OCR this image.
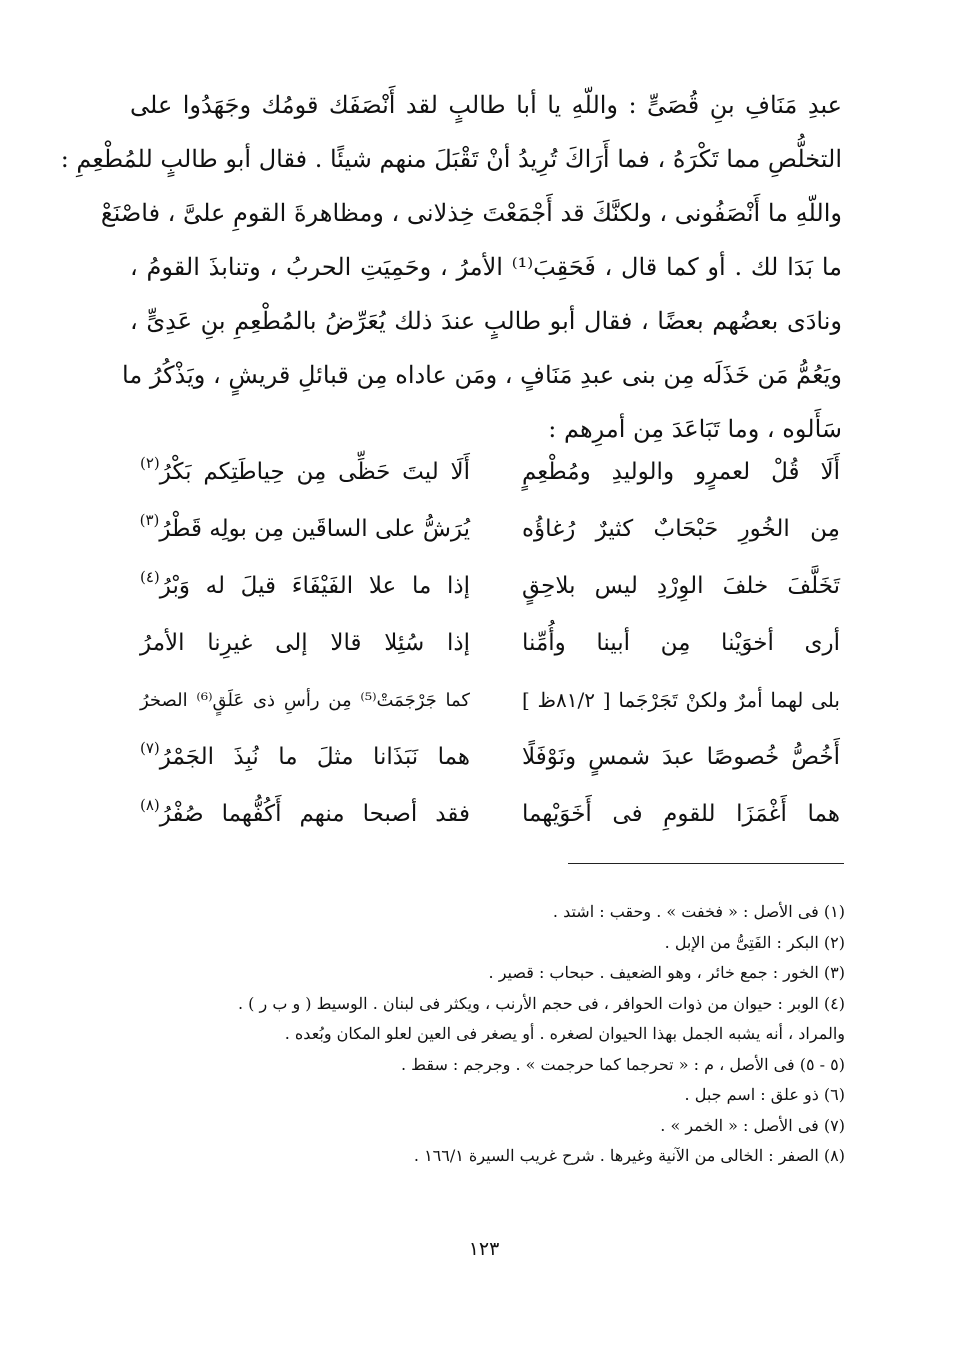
عبدِ مَنَافِ بنِ قُصَىٍّ : واللّهِ يا أبا طالبٍ لقد أَنْصَفَك قومُك وجَهَدُوا على
التخلُّصِ مما تَكْرَهُ ، فما أَرَاكَ تُرِيدُ أنْ تَقْبَلَ منهم شيئًا . فقال أبو طالبٍ للمُطْعِمِ :
واللّهِ ما أَنْصَفُونى ، ولكنَّكَ قد أَجْمَعْتَ خِذلانى ، ومظاهرةَ القومِ علىَّ ، فاصْنَعْ
ما بَدَا لك . أو كما قال ، فَحَقِبَ⁽¹⁾ الأمرُ ، وحَمِيَتِ الحربُ ، وتنابذَ القومُ ،
ونادَى بعضُهم بعضًا ، فقال أبو طالبٍ عندَ ذلك يُعَرِّضُ بالمُطْعِمِ بنِ عَدِىٍّ ،
ويَعُمُّ مَن خَذَلَه مِن بنى عبدِ مَنَافٍ ، ومَن عاداه مِن قبائلِ قريشٍ ، ويَذْكُرُ ما
سَأَلوه ، وما تَبَاعَدَ مِن أمرِهم :
أَلَا قُلْ لعمرٍو والوليدِ ومُطْعِمٍ
أَلَا ليتَ حَظِّى مِن حِياطَتِكم بَكْرُ$^{(٢)}$
مِن الخُورِ حَبْحَابٌ كثيرٌ رُغاؤُه
يُرَشُّ على الساقَين مِن بولِه قَطْرُ$^{(٣)}$
تَخَلَّفَ خلفَ الوِرْدِ ليس بلاحِقٍ
إذا ما علا الفَيْفَاءَ قيلَ له وَبْرُ$^{(٤)}$
أرى أخوَيْنا مِن أبينا وأُمِّنا
إذا سُئِلا قالا إلى غيرِنا الأمرُ
بلى لهما أمرٌ ولكنْ تَجَرْجَما [ ٨١/٢ظ ]
كما جَرْجَمَتْ⁽⁵⁾ مِن رأسِ ذى عَلَقٍ⁽⁶⁾ الصخرُ
أَخُصُّ خُصوصًا عبدَ شمسٍ ونَوْفَلًا
هما نَبَذَانا مثلَ ما نُبِذَ الجَمْرُ$^{(٧)}$
هما أَغْمَزَا للقومِ فى أَخَوَيْهما
فقد أصبحا منهم أَكُفُّهما صُفْرُ$^{(٨)}$
(١) فى الأصل : « فخفت » . وحقب : اشتد .
(٢) البكر : الفَتِىُّ من الإبل .
(٣) الخور : جمع خائر ، وهو الضعيف . حبحاب : قصير .
(٤) الوبر : حيوان من ذوات الحوافر ، فى حجم الأرنب ، ويكثر فى لبنان . الوسيط ( و ب ر ) .
والمراد ، أنه يشبه الجمل بهذا الحيوان لصغره . أو يصغر فى العين لعلو المكان وبُعده .
(٥ - ٥) فى الأصل ، م : « تحرجما كما حرجمت » . وجرجم : سقط .
(٦) ذو علق : اسم جبل .
(٧) فى الأصل : « الخمر » .
(٨) الصفر : الخالى من الآنية وغيرها . شرح غريب السيرة ١٦٦/١ .
١٢٣
